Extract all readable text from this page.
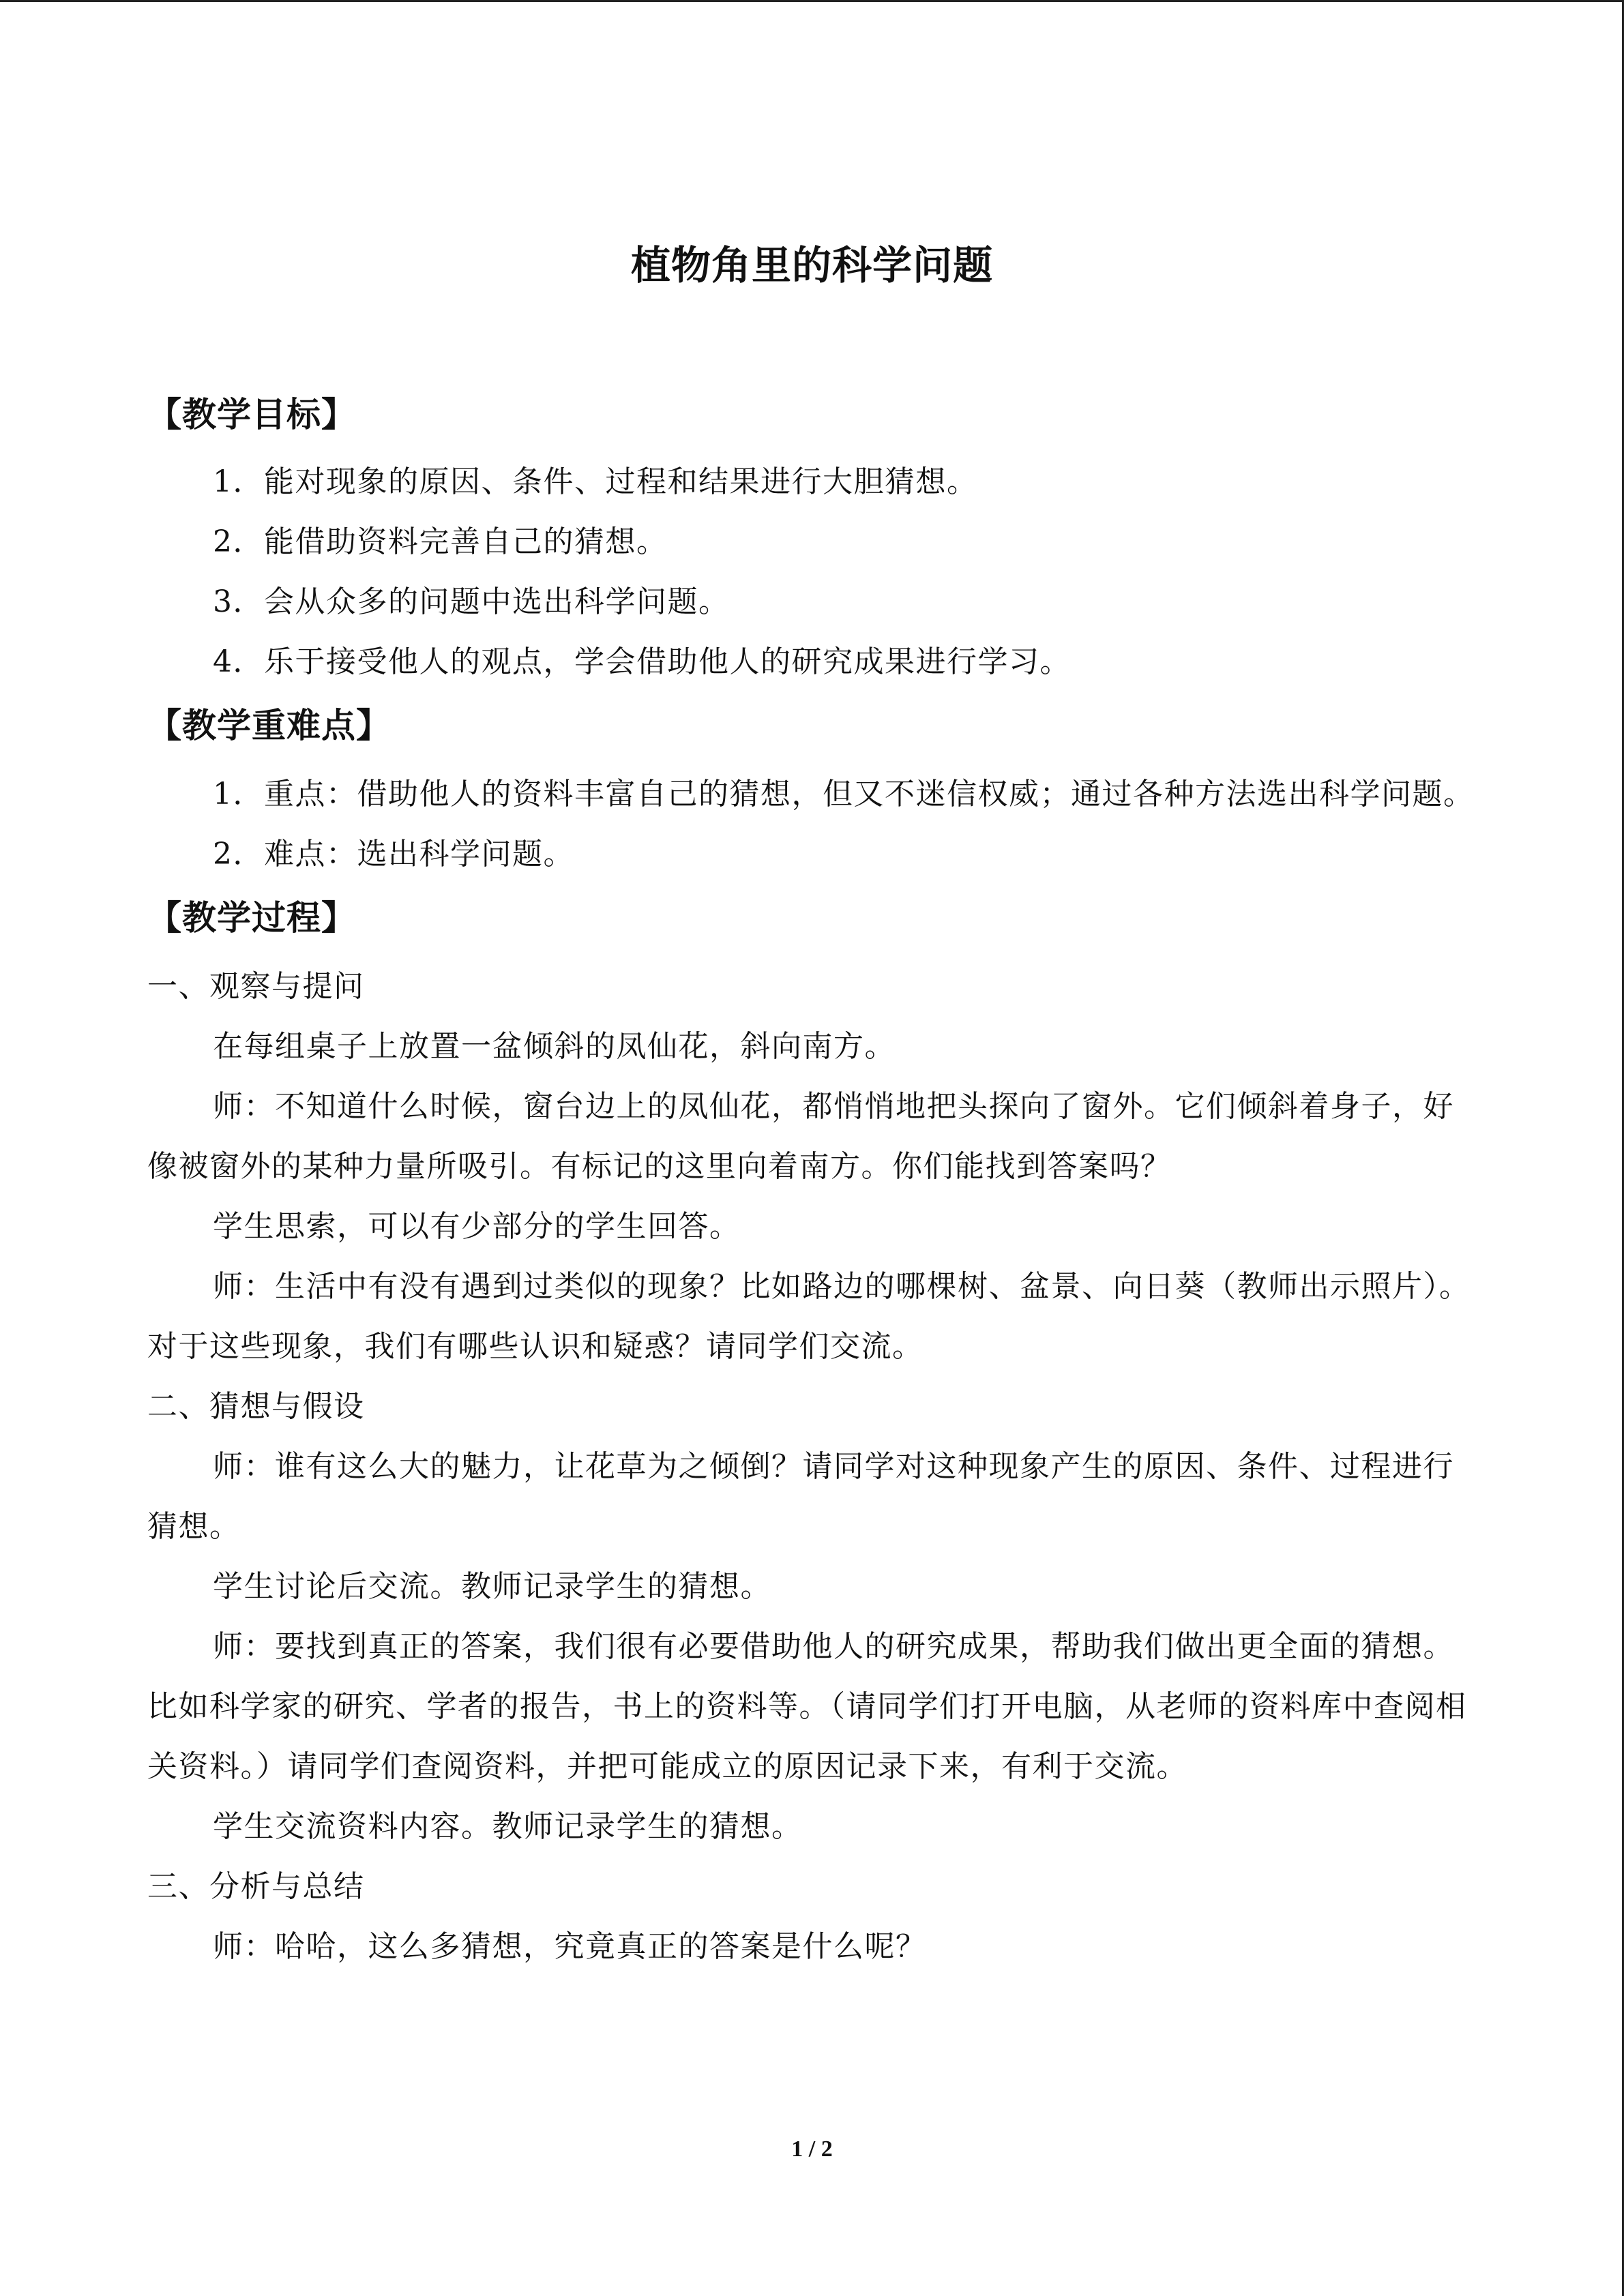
植物角里的科学问题
【教学目标】

1．能对现象的原因、条件、过程和结果进行大胆猜想。

2．能借助资料完善自己的猜想。

3．会从众多的问题中选出科学问题。

4．乐于接受他人的观点，学会借助他人的研究成果进行学习。

【教学重难点】

1．重点：借助他人的资料丰富自己的猜想，但又不迷信权威；通过各种方法选出科学问题。

2．难点：选出科学问题。

【教学过程】

一、观察与提问

在每组桌子上放置一盆倾斜的凤仙花，斜向南方。

师：不知道什么时候，窗台边上的凤仙花，都悄悄地把头探向了窗外。它们倾斜着身子，好像被窗外的某种力量所吸引。有标记的这里向着南方。你们能找到答案吗？

学生思索，可以有少部分的学生回答。

师：生活中有没有遇到过类似的现象？比如路边的哪棵树、盆景、向日葵（教师出示照片）。对于这些现象，我们有哪些认识和疑惑？请同学们交流。

二、猜想与假设

师：谁有这么大的魅力，让花草为之倾倒？请同学对这种现象产生的原因、条件、过程进行猜想。

学生讨论后交流。教师记录学生的猜想。

师：要找到真正的答案，我们很有必要借助他人的研究成果，帮助我们做出更全面的猜想。比如科学家的研究、学者的报告，书上的资料等。（请同学们打开电脑，从老师的资料库中查阅相关资料。）请同学们查阅资料，并把可能成立的原因记录下来，有利于交流。

学生交流资料内容。教师记录学生的猜想。

三、分析与总结

师：哈哈，这么多猜想，究竟真正的答案是什么呢？

1 / 2
